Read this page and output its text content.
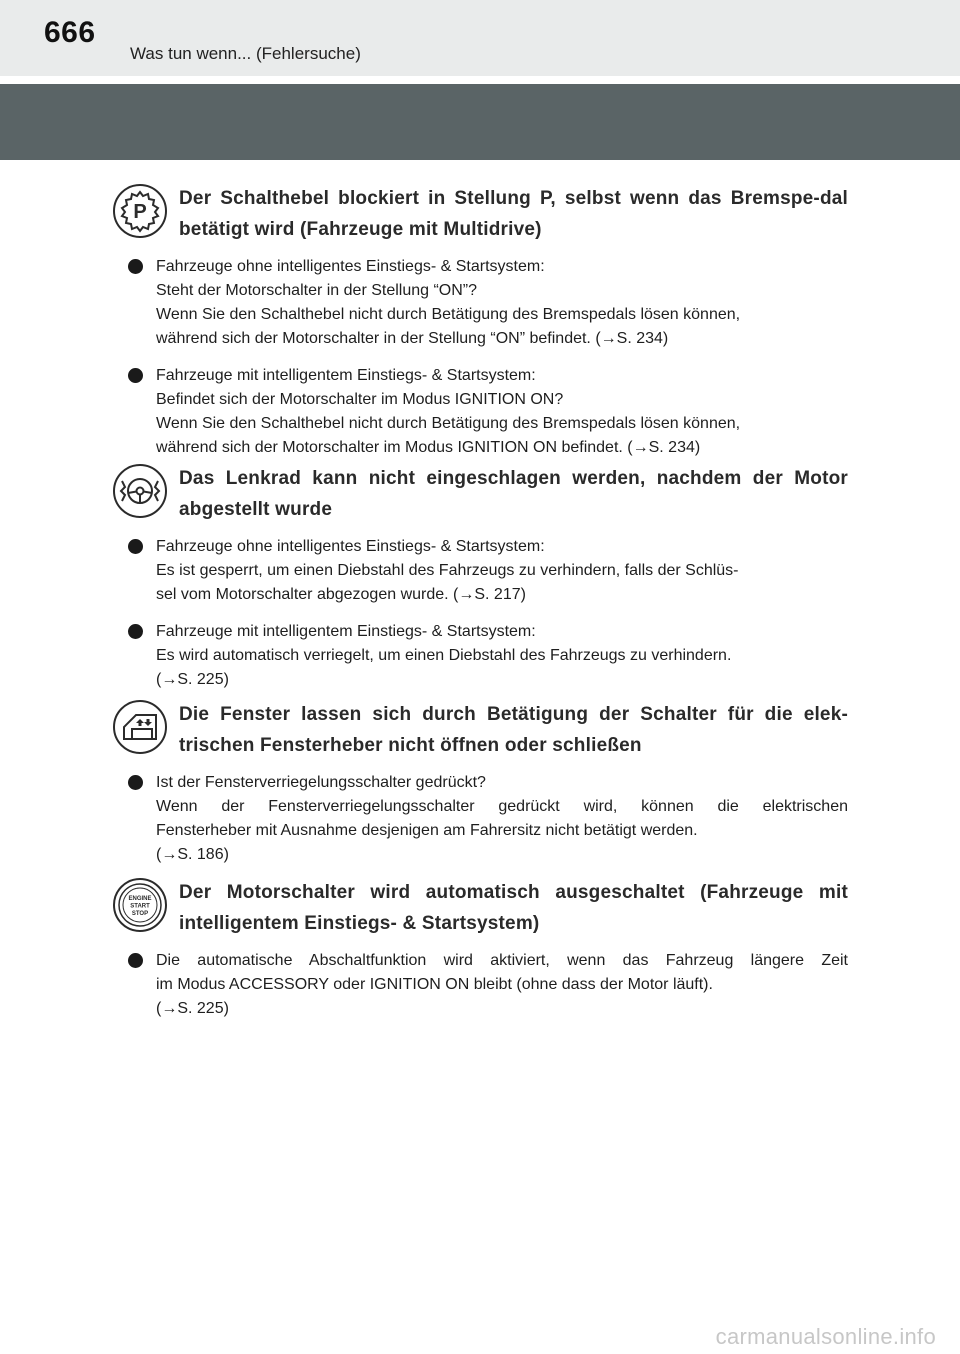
666
Was tun wenn... (Fehlersuche)
P
Der Schalthebel blockiert in Stellung P, selbst wenn das Bremspe-dal betätigt wird (Fahrzeuge mit Multidrive)
Fahrzeuge ohne intelligentes Einstiegs- & Startsystem:
Steht der Motorschalter in der Stellung “ON”?
Wenn Sie den Schalthebel nicht durch Betätigung des Bremspedals lösen können,
während sich der Motorschalter in der Stellung “ON” befindet. (→S. 234)
Fahrzeuge mit intelligentem Einstiegs- & Startsystem:
Befindet sich der Motorschalter im Modus IGNITION ON?
Wenn Sie den Schalthebel nicht durch Betätigung des Bremspedals lösen können,
während sich der Motorschalter im Modus IGNITION ON befindet. (→S. 234)
Das Lenkrad kann nicht eingeschlagen werden, nachdem der Motor abgestellt wurde
Fahrzeuge ohne intelligentes Einstiegs- & Startsystem:
Es ist gesperrt, um einen Diebstahl des Fahrzeugs zu verhindern, falls der Schlüs-
sel vom Motorschalter abgezogen wurde. (→S. 217)
Fahrzeuge mit intelligentem Einstiegs- & Startsystem:
Es wird automatisch verriegelt, um einen Diebstahl des Fahrzeugs zu verhindern.
(→S. 225)
Die Fenster lassen sich durch Betätigung der Schalter für die elek-trischen Fensterheber nicht öffnen oder schließen
Ist der Fensterverriegelungsschalter gedrückt?
Wenn der Fensterverriegelungsschalter gedrückt wird, können die elektrischen
Fensterheber mit Ausnahme desjenigen am Fahrersitz nicht betätigt werden.
(→S. 186)
ENGINE
START
STOP
Der Motorschalter wird automatisch ausgeschaltet (Fahrzeuge mit intelligentem Einstiegs- & Startsystem)
Die automatische Abschaltfunktion wird aktiviert, wenn das Fahrzeug längere Zeit
im Modus ACCESSORY oder IGNITION ON bleibt (ohne dass der Motor läuft).
(→S. 225)
carmanualsonline.info
